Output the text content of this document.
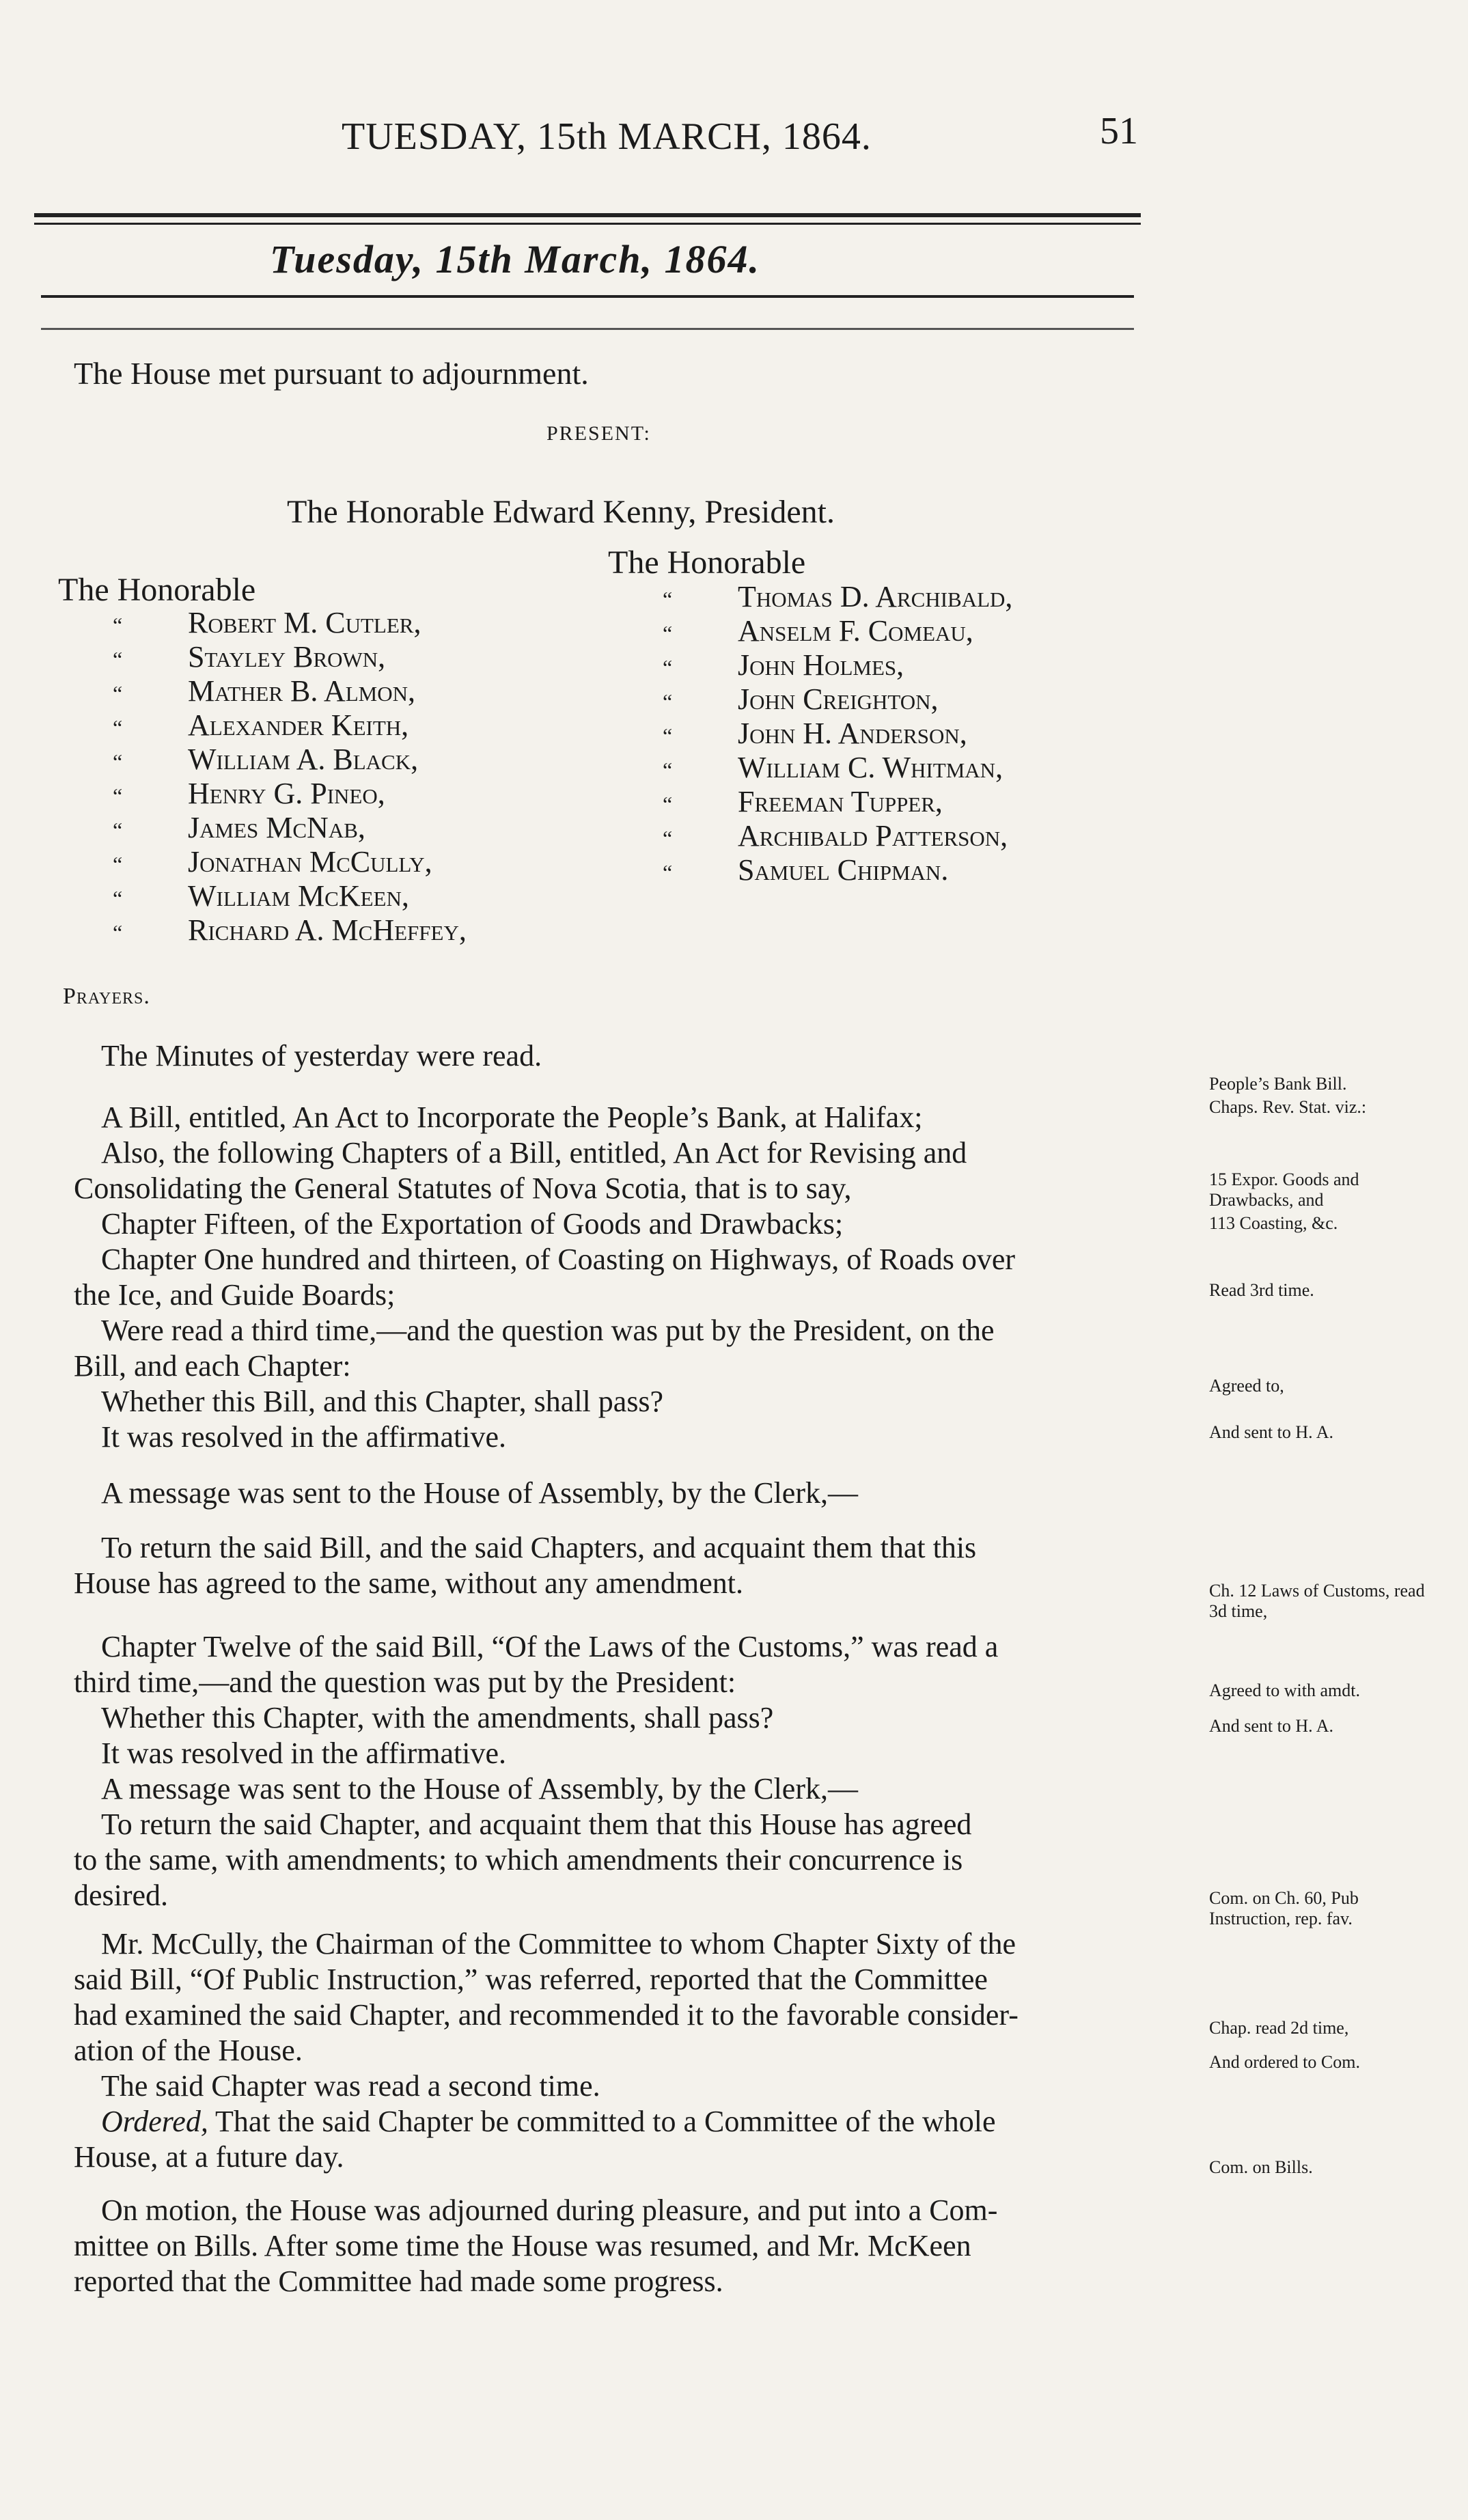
TUESDAY, 15th MARCH, 1864.	51
Tuesday, 15th March, 1864.
The House met pursuant to adjournment.
PRESENT:
The Honorable Edward Kenny, President.
The Honorable
“ Robert M. Cutler,
“ Stayley Brown,
“ Mather B. Almon,
“ Alexander Keith,
“ William A. Black,
“ Henry G. Pineo,
“ James McNab,
“ Jonathan McCully,
“ William McKeen,
“ Richard A. McHeffey,
The Honorable
“ Thomas D. Archibald,
“ Anselm F. Comeau,
“ John Holmes,
“ John Creighton,
“ John H. Anderson,
“ William C. Whitman,
“ Freeman Tupper,
“ Archibald Patterson,
“ Samuel Chipman.
Prayers.

The Minutes of yesterday were read.

A Bill, entitled, An Act to Incorporate the People’s Bank, at Halifax;

Also, the following Chapters of a Bill, entitled, An Act for Revising and

Consolidating the General Statutes of Nova Scotia, that is to say,

Chapter Fifteen, of the Exportation of Goods and Drawbacks;

Chapter One hundred and thirteen, of Coasting on Highways, of Roads over

the Ice, and Guide Boards;

Were read a third time,—and the question was put by the President, on the

Bill, and each Chapter:

Whether this Bill, and this Chapter, shall pass?

It was resolved in the affirmative.

A message was sent to the House of Assembly, by the Clerk,—

To return the said Bill, and the said Chapters, and acquaint them that this

House has agreed to the same, without any amendment.

Chapter Twelve of the said Bill, “Of the Laws of the Customs,” was read a

third time,—and the question was put by the President:

Whether this Chapter, with the amendments, shall pass?

It was resolved in the affirmative.

A message was sent to the House of Assembly, by the Clerk,—

To return the said Chapter, and acquaint them that this House has agreed

to the same, with amendments; to which amendments their concurrence is

desired.

Mr. McCully, the Chairman of the Committee to whom Chapter Sixty of the

said Bill, “Of Public Instruction,” was referred, reported that the Committee

had examined the said Chapter, and recommended it to the favorable consider-

ation of the House.

The said Chapter was read a second time.

Ordered, That the said Chapter be committed to a Committee of the whole

House, at a future day.

On motion, the House was adjourned during pleasure, and put into a Com-

mittee on Bills. After some time the House was resumed, and Mr. McKeen

reported that the Committee had made some progress.

People’s Bank Bill.
Chaps. Rev. Stat. viz.:
15 Expor. Goods and Drawbacks, and
113 Coasting, &c.
Read 3rd time.
Agreed to,
And sent to H. A.
Ch. 12 Laws of Customs, read 3d time,
Agreed to with amdt.
And sent to H. A.
Com. on Ch. 60, Pub Instruction, rep. fav.
Chap. read 2d time,
And ordered to Com.
Com. on Bills.
